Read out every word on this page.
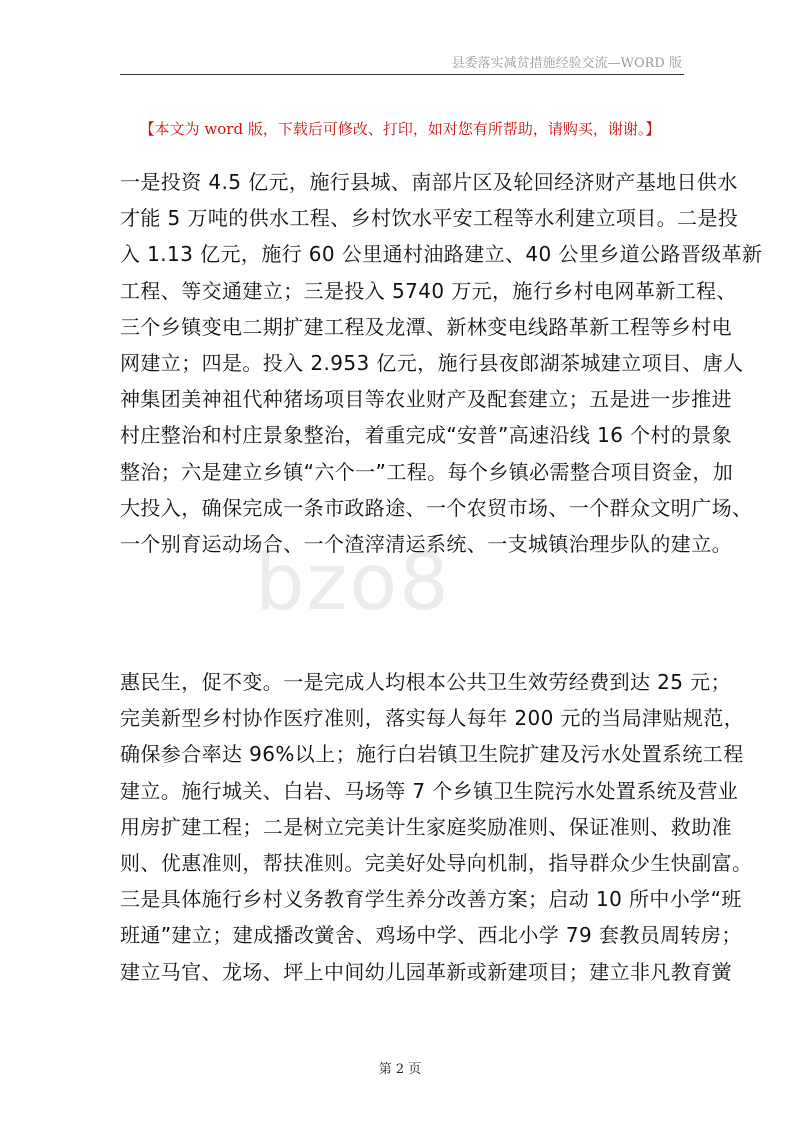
县委落实减贫措施经验交流—WORD 版
【本文为 word 版，下载后可修改、打印，如对您有所帮助，请购买，谢谢。】
bzo8

一是投资 4.5 亿元，施行县城、南部片区及轮回经济财产基地日供水
才能 5 万吨的供水工程、乡村饮水平安工程等水利建立项目。二是投
入 1.13 亿元，施行 60 公里通村油路建立、40 公里乡道公路晋级革新
工程、等交通建立；三是投入 5740 万元，施行乡村电网革新工程、
三个乡镇变电二期扩建工程及龙潭、新林变电线路革新工程等乡村电
网建立；四是。投入 2.953 亿元，施行县夜郎湖茶城建立项目、唐人
神集团美神祖代种猪场项目等农业财产及配套建立；五是进一步推进
村庄整治和村庄景象整治，着重完成“安普”高速沿线 16 个村的景象
整治；六是建立乡镇“六个一”工程。每个乡镇必需整合项目资金，加
大投入，确保完成一条市政路途、一个农贸市场、一个群众文明广场、
一个别育运动场合、一个渣滓清运系统、一支城镇治理步队的建立。

惠民生，促不变。一是完成人均根本公共卫生效劳经费到达 25 元；
完美新型乡村协作医疗准则，落实每人每年 200 元的当局津贴规范，
确保参合率达 96%以上；施行白岩镇卫生院扩建及污水处置系统工程
建立。施行城关、白岩、马场等 7 个乡镇卫生院污水处置系统及营业
用房扩建工程；二是树立完美计生家庭奖励准则、保证准则、救助准
则、优惠准则，帮扶准则。完美好处导向机制，指导群众少生快副富。
三是具体施行乡村义务教育学生养分改善方案；启动 10 所中小学“班
班通”建立；建成播改黉舍、鸡场中学、西北小学 79 套教员周转房；
建立马官、龙场、坪上中间幼儿园革新或新建项目；建立非凡教育黉

第 2 页
